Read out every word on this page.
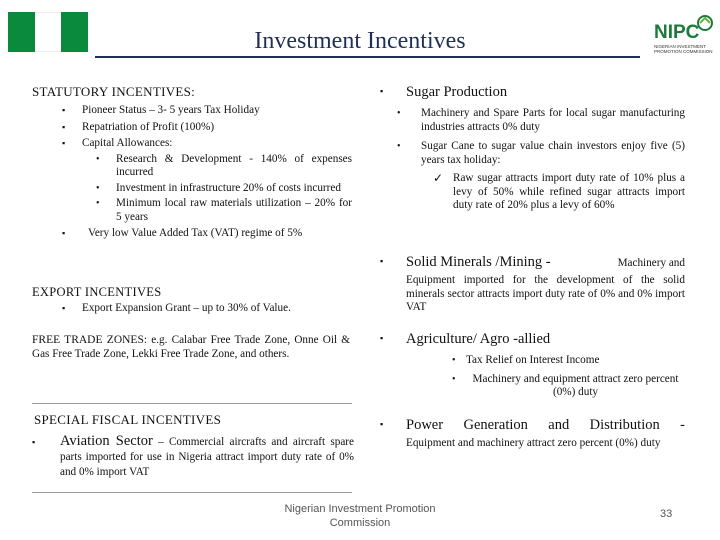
Investment Incentives	NIPC
NIGERIAN INVESTMENT PROMOTION COMMISSION
STATUTORY INCENTIVES:
▪ Pioneer Status – 3- 5 years Tax Holiday
▪ Repatriation of Profit (100%)
▪ Capital Allowances:
• Research & Development - 140% of expenses incurred
• Investment in infrastructure 20% of costs incurred
• Minimum local raw materials utilization – 20% for 5 years
▪ Very low Value Added Tax (VAT) regime of 5%
EXPORT INCENTIVES
▪ Export Expansion Grant – up to 30% of Value.
FREE TRADE ZONES: e.g. Calabar Free Trade Zone, Onne Oil & Gas Free Trade Zone, Lekki Free Trade Zone, and others.
SPECIAL FISCAL INCENTIVES
▪ Aviation Sector – Commercial aircrafts and aircraft spare parts imported for use in Nigeria attract import duty rate of 0% and 0% import VAT
▪ Sugar Production
• Machinery and Spare Parts for local sugar manufacturing industries attracts 0% duty
• Sugar Cane to sugar value chain investors enjoy five (5) years tax holiday:
✓ Raw sugar attracts import duty rate of 10% plus a levy of 50% while refined sugar attracts import duty rate of 20% plus a levy of 60%
▪ Solid Minerals /Mining -	Machinery and
Equipment imported for the development of the solid minerals sector attracts import duty rate of 0% and 0% import VAT
▪ Agriculture/ Agro -allied
• Tax Relief on Interest Income
• Machinery and equipment attract zero percent (0%) duty
▪ Power Generation and Distribution -
Equipment and machinery attract zero percent (0%) duty
Nigerian Investment Promotion
Commission
33
